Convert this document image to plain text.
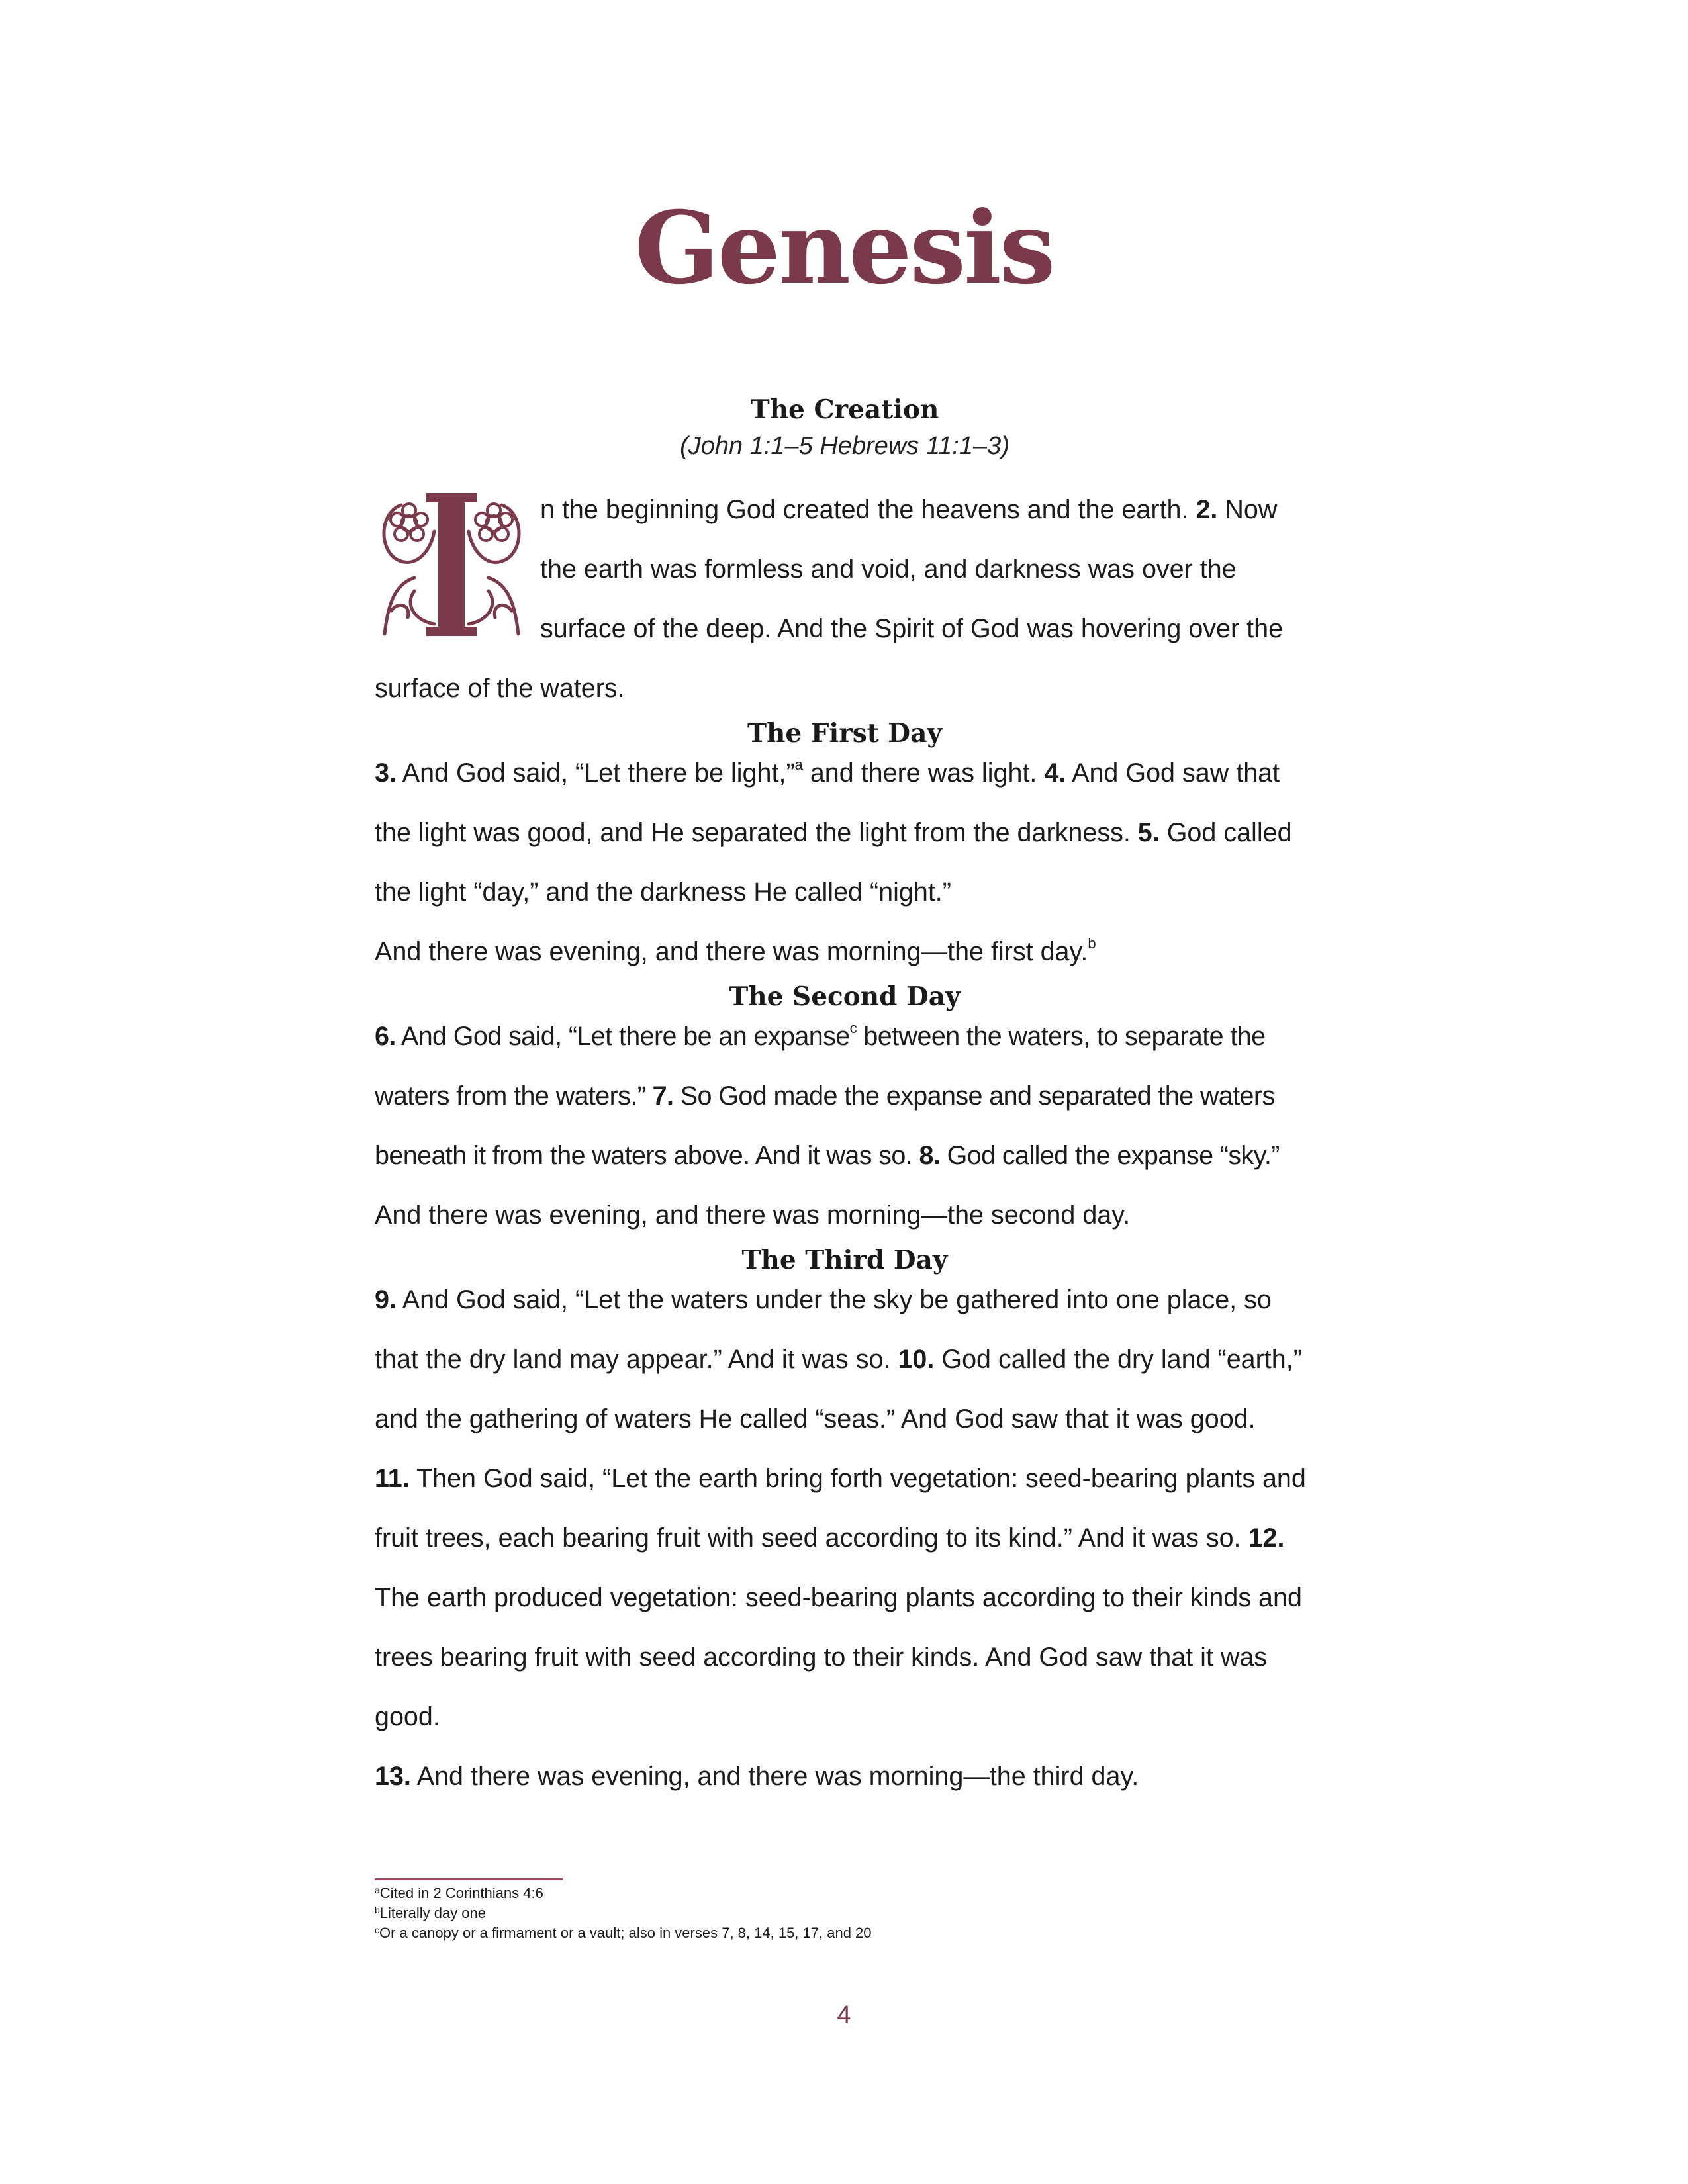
Genesis
The Creation

(John 1:1–5 Hebrews 11:1–3)

n the beginning God created the heavens and the earth. 2. Now the earth was formless and void, and darkness was over the surface of the deep. And the Spirit of God was hovering over the surface of the waters.

The First Day

3. And God said, “Let there be light,”$^a$ and there was light. 4. And God saw that the light was good, and He separated the light from the darkness. 5. God called the light “day,” and the darkness He called “night.”

And there was evening, and there was morning—the first day.$^b$

The Second Day

6. And God said, “Let there be an expanse$^c$ between the waters, to separate the waters from the waters.” 7. So God made the expanse and separated the waters beneath it from the waters above. And it was so. 8. God called the expanse “sky.”

And there was evening, and there was morning—the second day.

The Third Day

9. And God said, “Let the waters under the sky be gathered into one place, so that the dry land may appear.” And it was so. 10. God called the dry land “earth,” and the gathering of waters He called “seas.” And God saw that it was good.

11. Then God said, “Let the earth bring forth vegetation: seed-bearing plants and fruit trees, each bearing fruit with seed according to its kind.” And it was so. 12. The earth produced vegetation: seed-bearing plants according to their kinds and trees bearing fruit with seed according to their kinds. And God saw that it was good.

13. And there was evening, and there was morning—the third day.

$^a$Cited in 2 Corinthians 4:6
$^b$Literally day one
$^c$Or a canopy or a firmament or a vault; also in verses 7, 8, 14, 15, 17, and 20
4
